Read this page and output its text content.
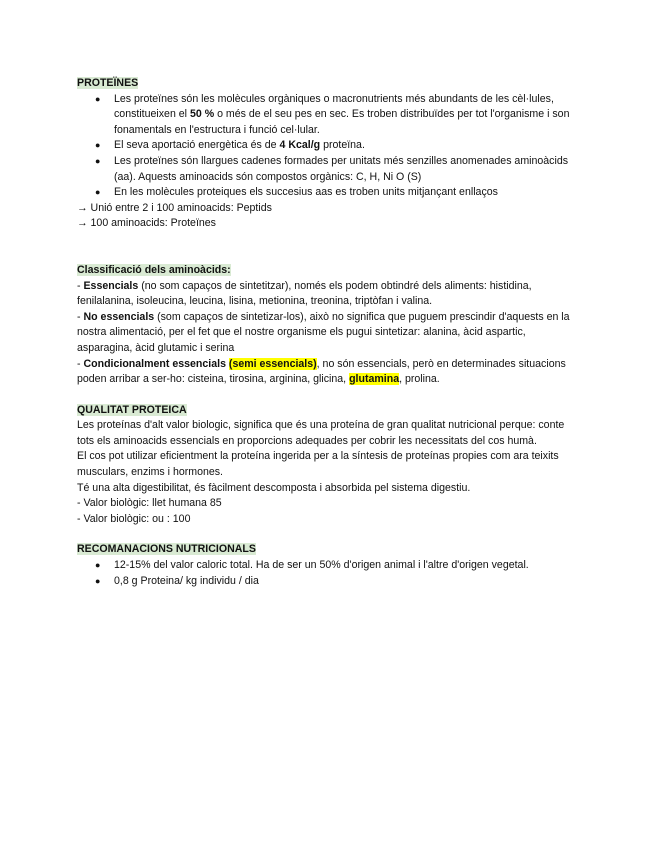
PROTEÏNES

● Les proteïnes són les molècules orgàniques o macronutrients més abundants de les cèl·lules, constitueixen el 50 % o més de el seu pes en sec. Es troben distribuïdes per tot l'organisme i son fonamentals en l'estructura i funció cel·lular.
● El seva aportació energètica és de 4 Kcal/g proteïna.
● Les proteïnes són llargues cadenes formades per unitats més senzilles anomenades aminoàcids (aa). Aquests aminoacids són compostos orgànics: C, H, Ni O (S)
● En les molècules proteiques els succesius aas es troben units mitjançant enllaços

→ Unió entre 2 i 100 aminoacids: Peptids

→ 100 aminoacids: Proteïnes

Classificació dels aminoàcids:

- Essencials (no som capaços de sintetitzar), només els podem obtindré dels aliments: histidina, fenilalanina, isoleucina, leucina, lisina, metionina, treonina, triptòfan i valina.

- No essencials (som capaços de sintetizar-los), això no significa que puguem prescindir d'aquests en la nostra alimentació, per el fet que el nostre organisme els pugui sintetizar: alanina, àcid aspartic, asparagina, àcid glutamic i serina

- Condicionalment essencials (semi essencials), no són essencials, però en determinades situacions poden arribar a ser-ho: cisteina, tirosina, arginina, glicina, glutamina, prolina.

QUALITAT PROTEICA

Les proteínas d'alt valor biologic, significa que és una proteína de gran qualitat nutricional perque: conte tots els aminoacids essencials en proporcions adequades per cobrir les necessitats del cos humà.

El cos pot utilizar eficientment la proteína ingerida per a la síntesis de proteínas propies com ara teixits musculars, enzims i hormones.

Té una alta digestibilitat, és fàcilment descomposta i absorbida pel sistema digestiu.

- Valor biològic: llet humana 85

- Valor biològic: ou : 100

RECOMANACIONS NUTRICIONALS

● 12-15% del valor caloric total. Ha de ser un 50% d'origen animal i l'altre d'origen vegetal.
● 0,8 g Proteina/ kg individu / dia
